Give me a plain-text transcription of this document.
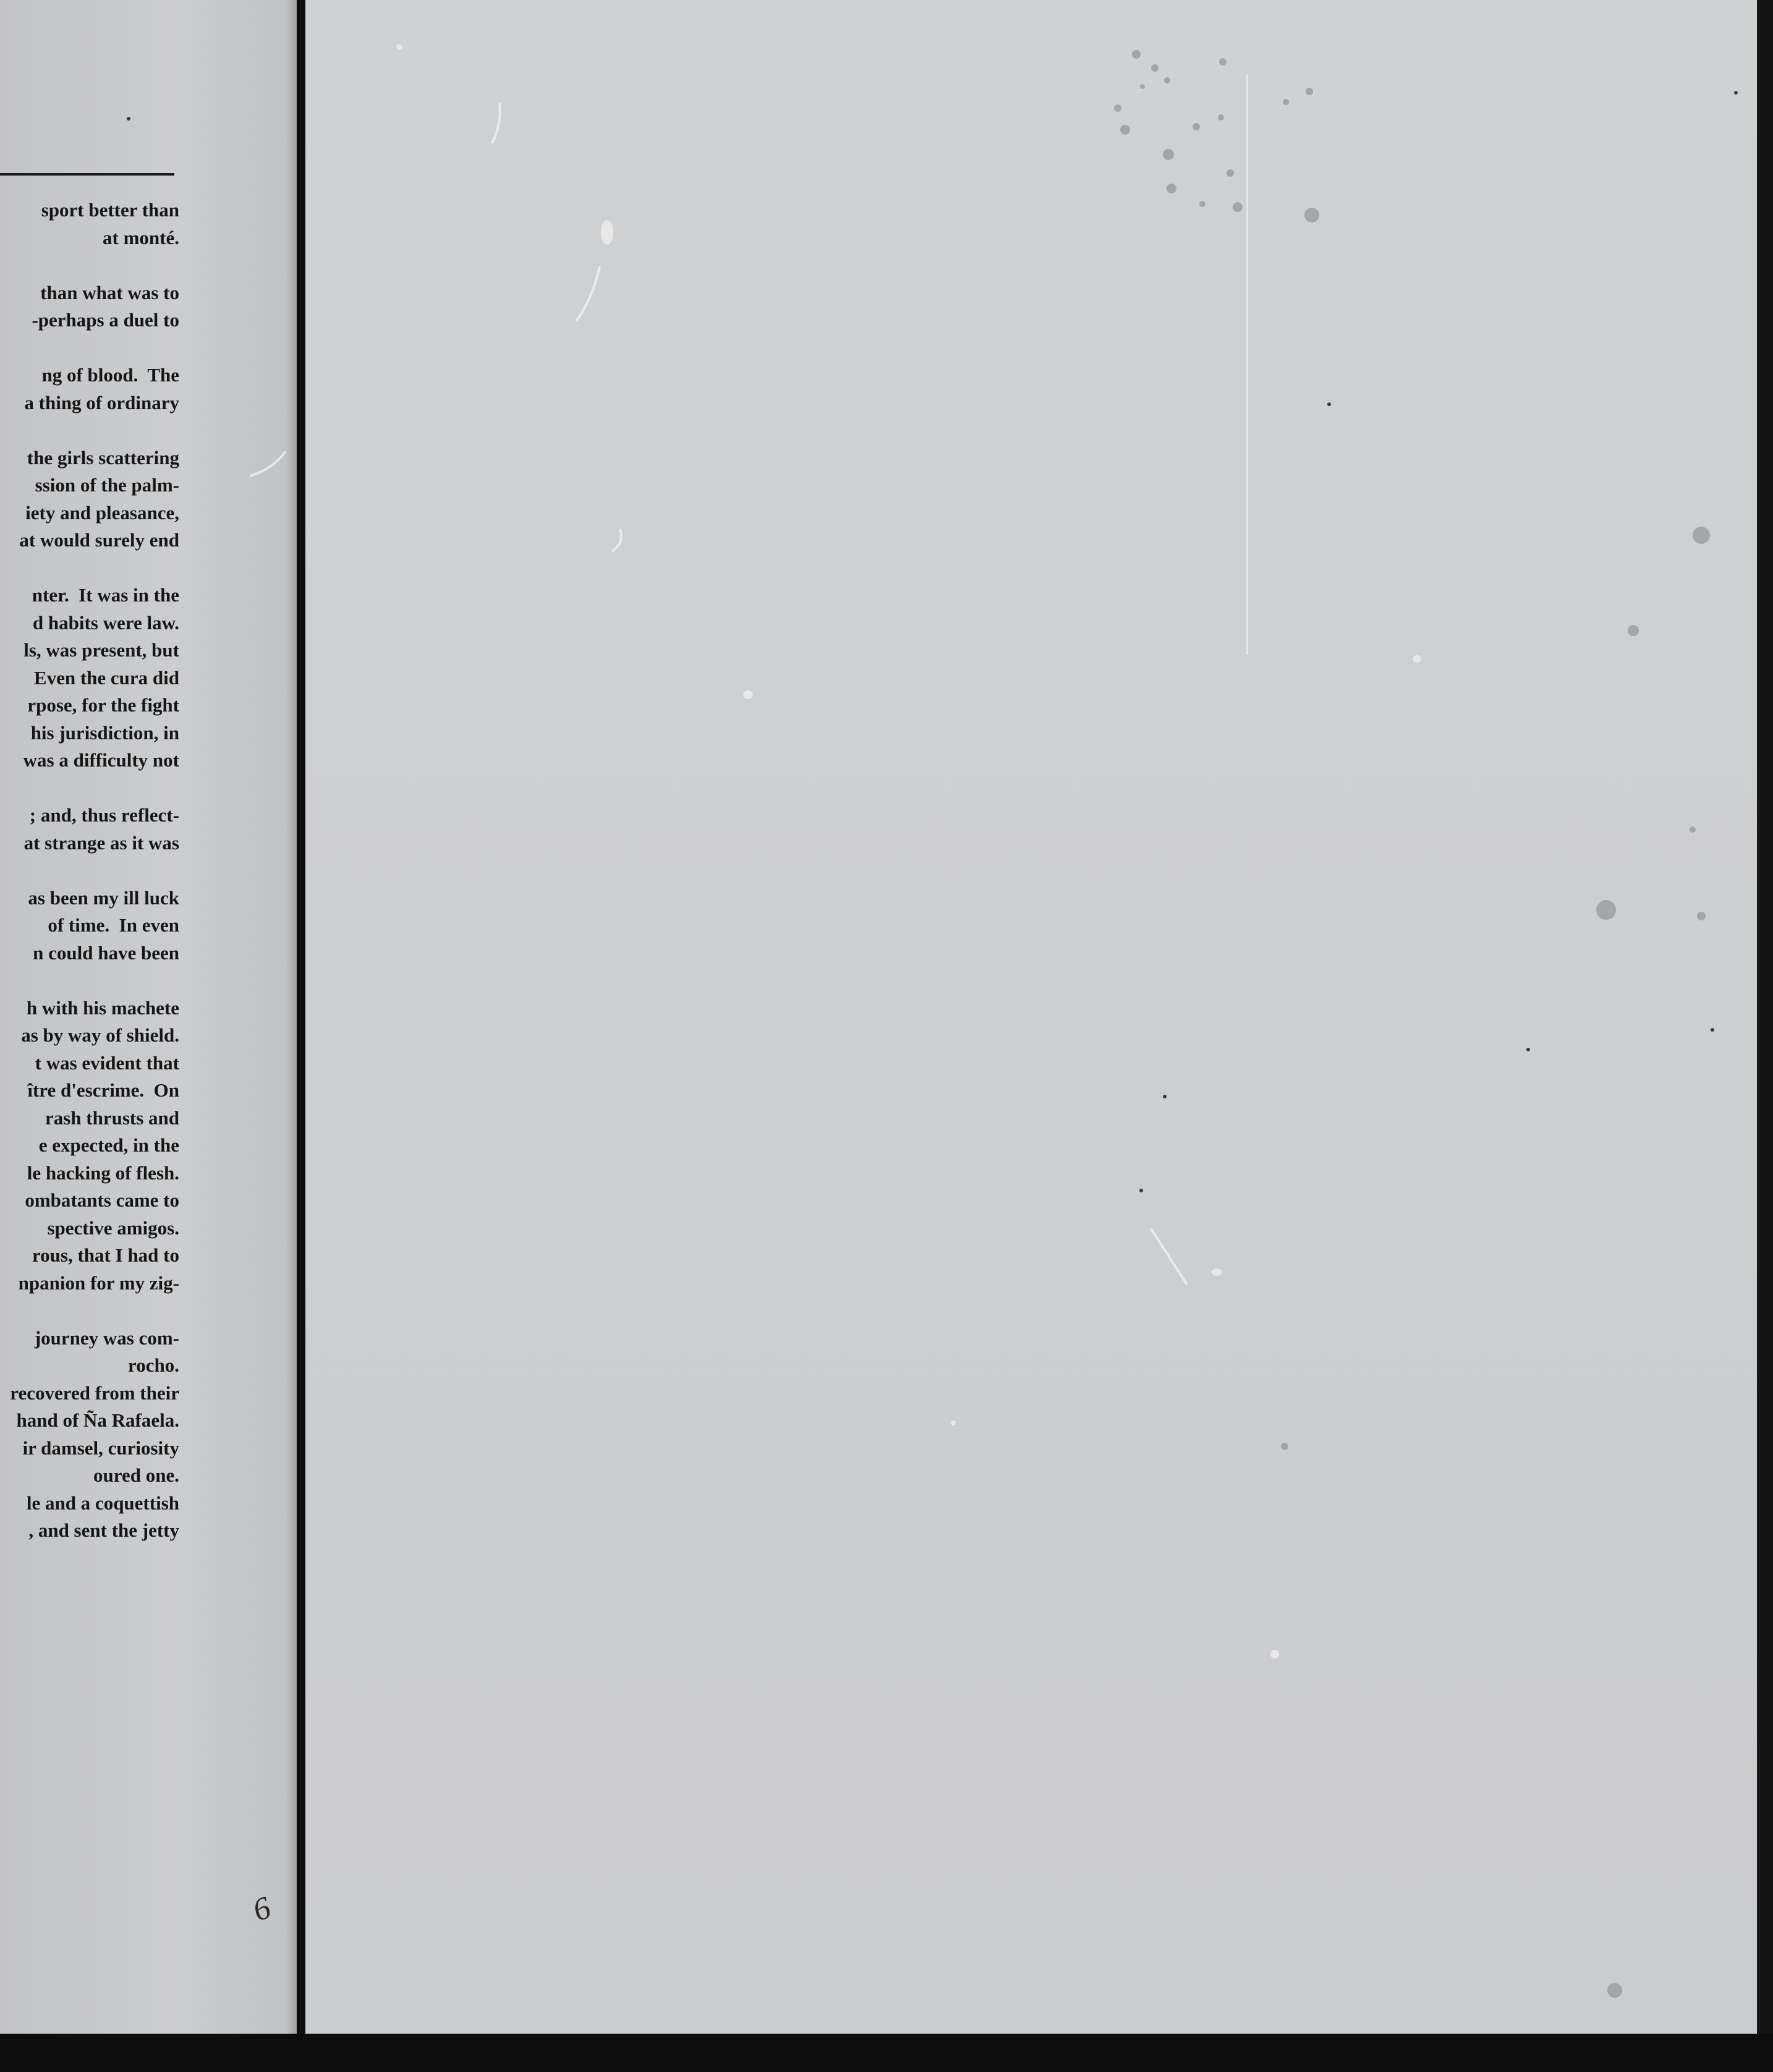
sport better than
at monté.
than what was to
-perhaps a duel to
ng of blood.  The
a thing of ordinary
the girls scattering
ssion of the palm-
iety and pleasance,
at would surely end
nter.  It was in the
d habits were law.
ls, was present, but
Even the cura did
rpose, for the fight
his jurisdiction, in
was a difficulty not
; and, thus reflect-
at strange as it was
as been my ill luck
of time.  In even
n could have been
h with his machete
as by way of shield.
t was evident that
ître d'escrime.  On
rash thrusts and
e expected, in the
le hacking of flesh.
ombatants came to
spective amigos.
rous, that I had to
npanion for my zig-
journey was com-
rocho.
recovered from their
hand of Ña Rafaela.
ir damsel, curiosity
oured one.
le and a coquettish
, and sent the jetty
6
